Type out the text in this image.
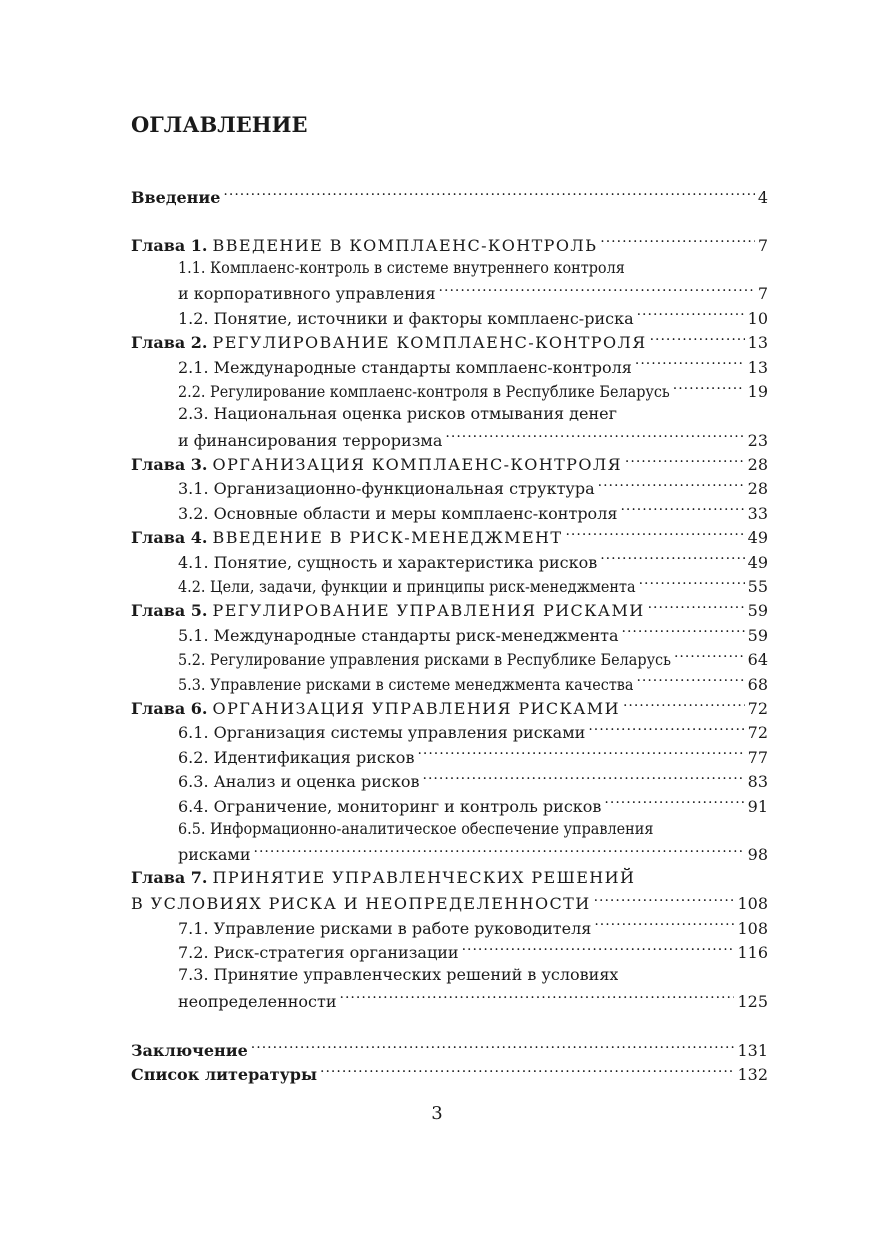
ОГЛАВЛЕНИЕ
Введение .....	4
Глава 1. ВВЕДЕНИЕ В КОМПЛАЕНС-КОНТРОЛЬ .....	7
1.1. Комплаенс-контроль в системе внутреннего контроля
и корпоративного управления .....	7
1.2. Понятие, источники и факторы комплаенс-риска .....	10
Глава 2. РЕГУЛИРОВАНИЕ КОМПЛАЕНС-КОНТРОЛЯ .....	13
2.1. Международные стандарты комплаенс-контроля .....	13
2.2. Регулирование комплаенс-контроля в Республике Беларусь .....	19
2.3. Национальная оценка рисков отмывания денег
и финансирования терроризма .....	23
Глава 3. ОРГАНИЗАЦИЯ КОМПЛАЕНС-КОНТРОЛЯ .....	28
3.1. Организационно-функциональная структура .....	28
3.2. Основные области и меры комплаенс-контроля .....	33
Глава 4. ВВЕДЕНИЕ В РИСК-МЕНЕДЖМЕНТ .....	49
4.1. Понятие, сущность и характеристика рисков .....	49
4.2. Цели, задачи, функции и принципы риск-менеджмента .....	55
Глава 5. РЕГУЛИРОВАНИЕ УПРАВЛЕНИЯ РИСКАМИ .....	59
5.1. Международные стандарты риск-менеджмента .....	59
5.2. Регулирование управления рисками в Республике Беларусь .....	64
5.3. Управление рисками в системе менеджмента качества .....	68
Глава 6. ОРГАНИЗАЦИЯ УПРАВЛЕНИЯ РИСКАМИ .....	72
6.1. Организация системы управления рисками .....	72
6.2. Идентификация рисков .....	77
6.3. Анализ и оценка рисков .....	83
6.4. Ограничение, мониторинг и контроль рисков .....	91
6.5. Информационно-аналитическое обеспечение управления
рисками .....	98
Глава 7. ПРИНЯТИЕ УПРАВЛЕНЧЕСКИХ РЕШЕНИЙ
В УСЛОВИЯХ РИСКА И НЕОПРЕДЕЛЕННОСТИ .....	108
7.1. Управление рисками в работе руководителя .....	108
7.2. Риск-стратегия организации .....	116
7.3. Принятие управленческих решений в условиях
неопределенности .....	125
Заключение .....	131
Список литературы .....	132
3
